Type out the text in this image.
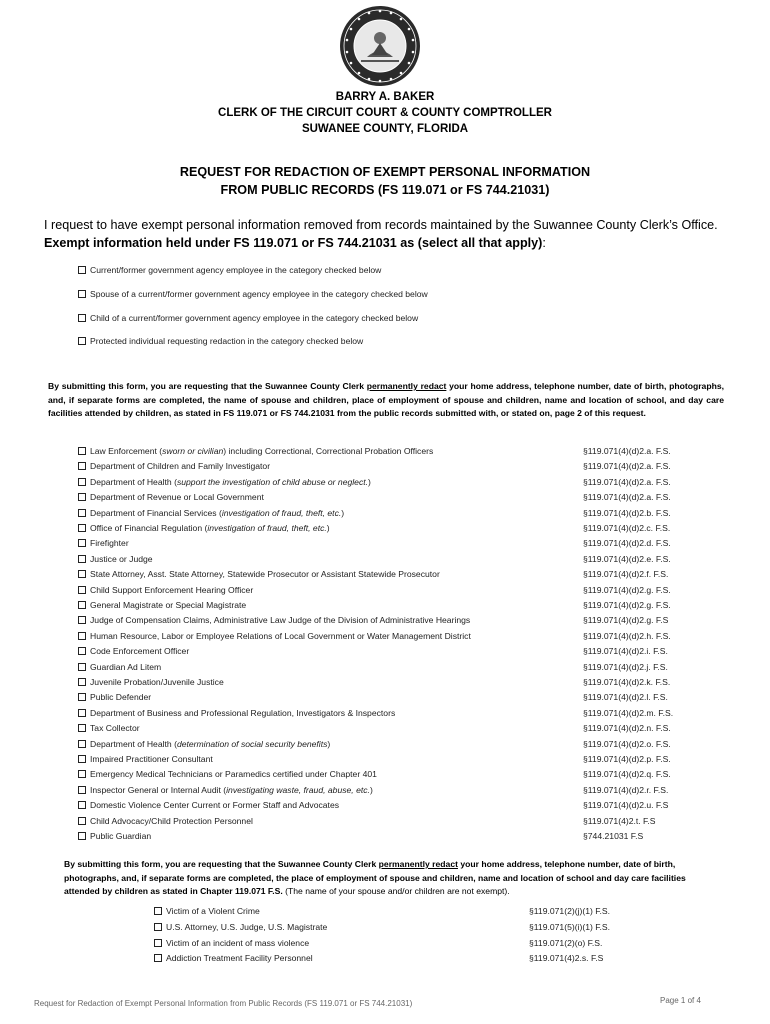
BARRY A. BAKER
CLERK OF THE CIRCUIT COURT & COUNTY COMPTROLLER
SUWANEE COUNTY, FLORIDA
REQUEST FOR REDACTION OF EXEMPT PERSONAL INFORMATION
FROM PUBLIC RECORDS (FS 119.071 or FS 744.21031)
I request to have exempt personal information removed from records maintained by the Suwannee County Clerk’s Office. Exempt information held under FS 119.071 or FS 744.21031 as (select all that apply):
Current/former government agency employee in the category checked below
Spouse of a current/former government agency employee in the category checked below
Child of a current/former government agency employee in the category checked below
Protected individual requesting redaction in the category checked below
By submitting this form, you are requesting that the Suwannee County Clerk permanently redact your home address, telephone number, date of birth, photographs, and, if separate forms are completed, the name of spouse and children, place of employment of spouse and children, name and location of school, and day care facilities attended by children, as stated in FS 119.071 or FS 744.21031 from the public records submitted with, or stated on, page 2 of this request.
Law Enforcement (sworn or civilian) including Correctional, Correctional Probation Officers	§119.071(4)(d)2.a. F.S.
Department of Children and Family Investigator	§119.071(4)(d)2.a. F.S.
Department of Health (support the investigation of child abuse or neglect.)	§119.071(4)(d)2.a. F.S.
Department of Revenue or Local Government	§119.071(4)(d)2.a. F.S.
Department of Financial Services (investigation of fraud, theft, etc.)	§119.071(4)(d)2.b. F.S.
Office of Financial Regulation (investigation of fraud, theft, etc.)	§119.071(4)(d)2.c. F.S.
Firefighter	§119.071(4)(d)2.d. F.S.
Justice or Judge	§119.071(4)(d)2.e. F.S.
State Attorney, Asst. State Attorney, Statewide Prosecutor or Assistant Statewide Prosecutor	§119.071(4)(d)2.f. F.S.
Child Support Enforcement Hearing Officer	§119.071(4)(d)2.g. F.S.
General Magistrate or Special Magistrate	§119.071(4)(d)2.g. F.S.
Judge of Compensation Claims, Administrative Law Judge of the Division of Administrative Hearings	§119.071(4)(d)2.g. F.S
Human Resource, Labor or Employee Relations of Local Government or Water Management District	§119.071(4)(d)2.h. F.S.
Code Enforcement Officer	§119.071(4)(d)2.i. F.S.
Guardian Ad Litem	§119.071(4)(d)2.j. F.S.
Juvenile Probation/Juvenile Justice	§119.071(4)(d)2.k. F.S.
Public Defender	§119.071(4)(d)2.l. F.S.
Department of Business and Professional Regulation, Investigators & Inspectors	§119.071(4)(d)2.m. F.S.
Tax Collector	§119.071(4)(d)2.n. F.S.
Department of Health (determination of social security benefits)	§119.071(4)(d)2.o. F.S.
Impaired Practitioner Consultant	§119.071(4)(d)2.p. F.S.
Emergency Medical Technicians or Paramedics certified under Chapter 401	§119.071(4)(d)2.q. F.S.
Inspector General or Internal Audit (investigating waste, fraud, abuse, etc.)	§119.071(4)(d)2.r. F.S.
Domestic Violence Center Current or Former Staff and Advocates	§119.071(4)(d)2.u. F.S
Child Advocacy/Child Protection Personnel	§119.071(4)2.t. F.S
Public Guardian	§744.21031 F.S
By submitting this form, you are requesting that the Suwannee County Clerk permanently redact your home address, telephone number, date of birth, photographs, and, if separate forms are completed, the place of employment of spouse and children, name and location of school and day care facilities attended by children as stated in Chapter 119.071 F.S. (The name of your spouse and/or children are not exempt).
Victim of a Violent Crime	§119.071(2)(j)(1) F.S.
U.S. Attorney, U.S. Judge, U.S. Magistrate	§119.071(5)(i)(1) F.S.
Victim of an incident of mass violence	§119.071(2)(o) F.S.
Addiction Treatment Facility Personnel	§119.071(4)2.s. F.S
Request for Redaction of Exempt Personal Information from Public Records (FS 119.071 or FS 744.21031)	Page 1 of 4
